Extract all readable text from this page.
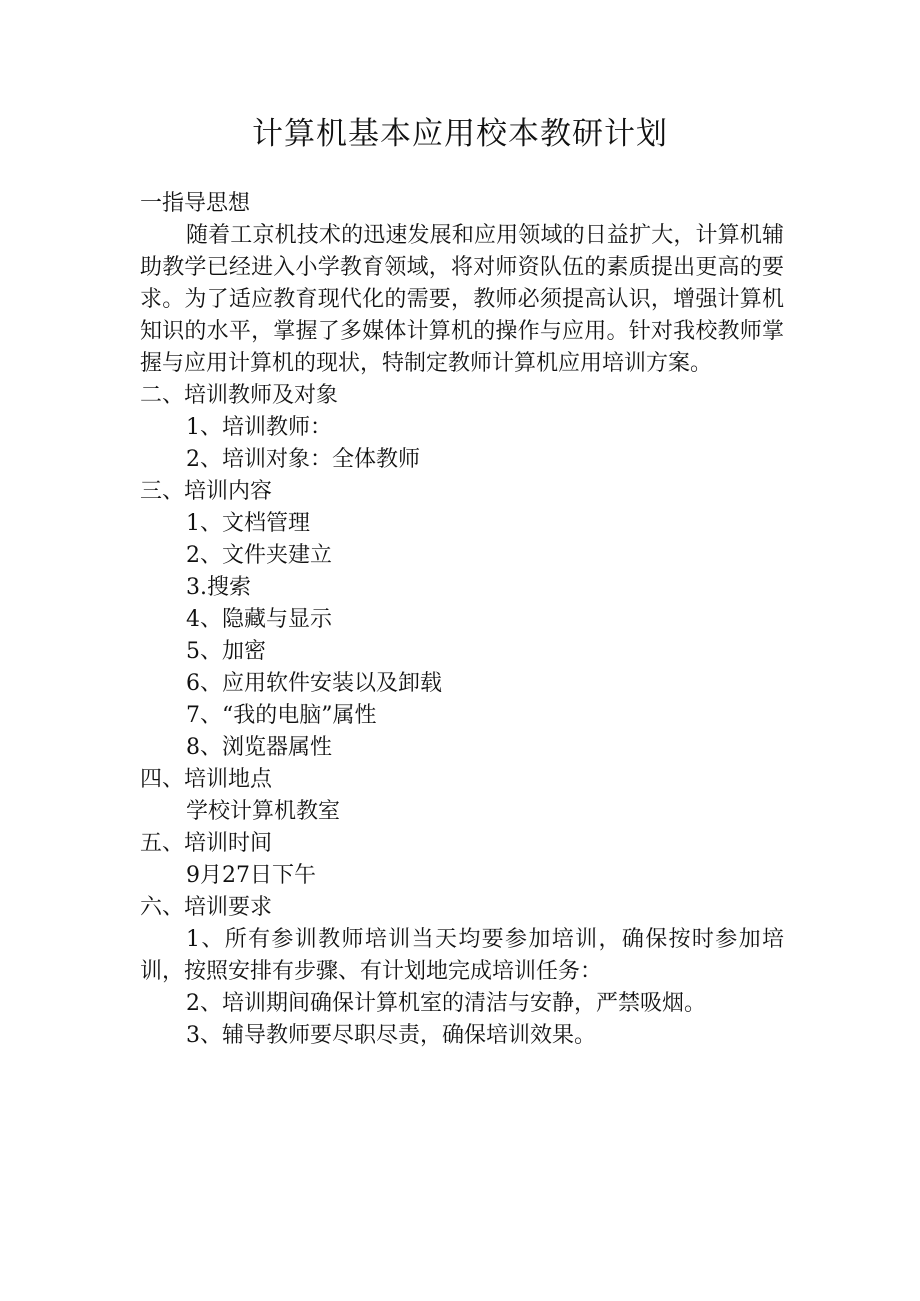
计算机基本应用校本教研计划

一指导思想

随着工京机技术的迅速发展和应用领域的日益扩大，计算机辅助教学已经进入小学教育领域，将对师资队伍的素质提出更高的要求。为了适应教育现代化的需要，教师必须提高认识，增强计算机知识的水平，掌握了多媒体计算机的操作与应用。针对我校教师掌握与应用计算机的现状，特制定教师计算机应用培训方案。

二、培训教师及对象

1、培训教师：

2、培训对象：全体教师

三、培训内容

1、文档管理

2、文件夹建立

3.搜索

4、隐藏与显示

5、加密

6、应用软件安装以及卸载

7、“我的电脑”属性

8、浏览器属性

四、培训地点

学校计算机教室

五、培训时间

9月27日下午

六、培训要求

1、所有参训教师培训当天均要参加培训，确保按时参加培训，按照安排有步骤、有计划地完成培训任务：

2、培训期间确保计算机室的清洁与安静，严禁吸烟。

3、辅导教师要尽职尽责，确保培训效果。
